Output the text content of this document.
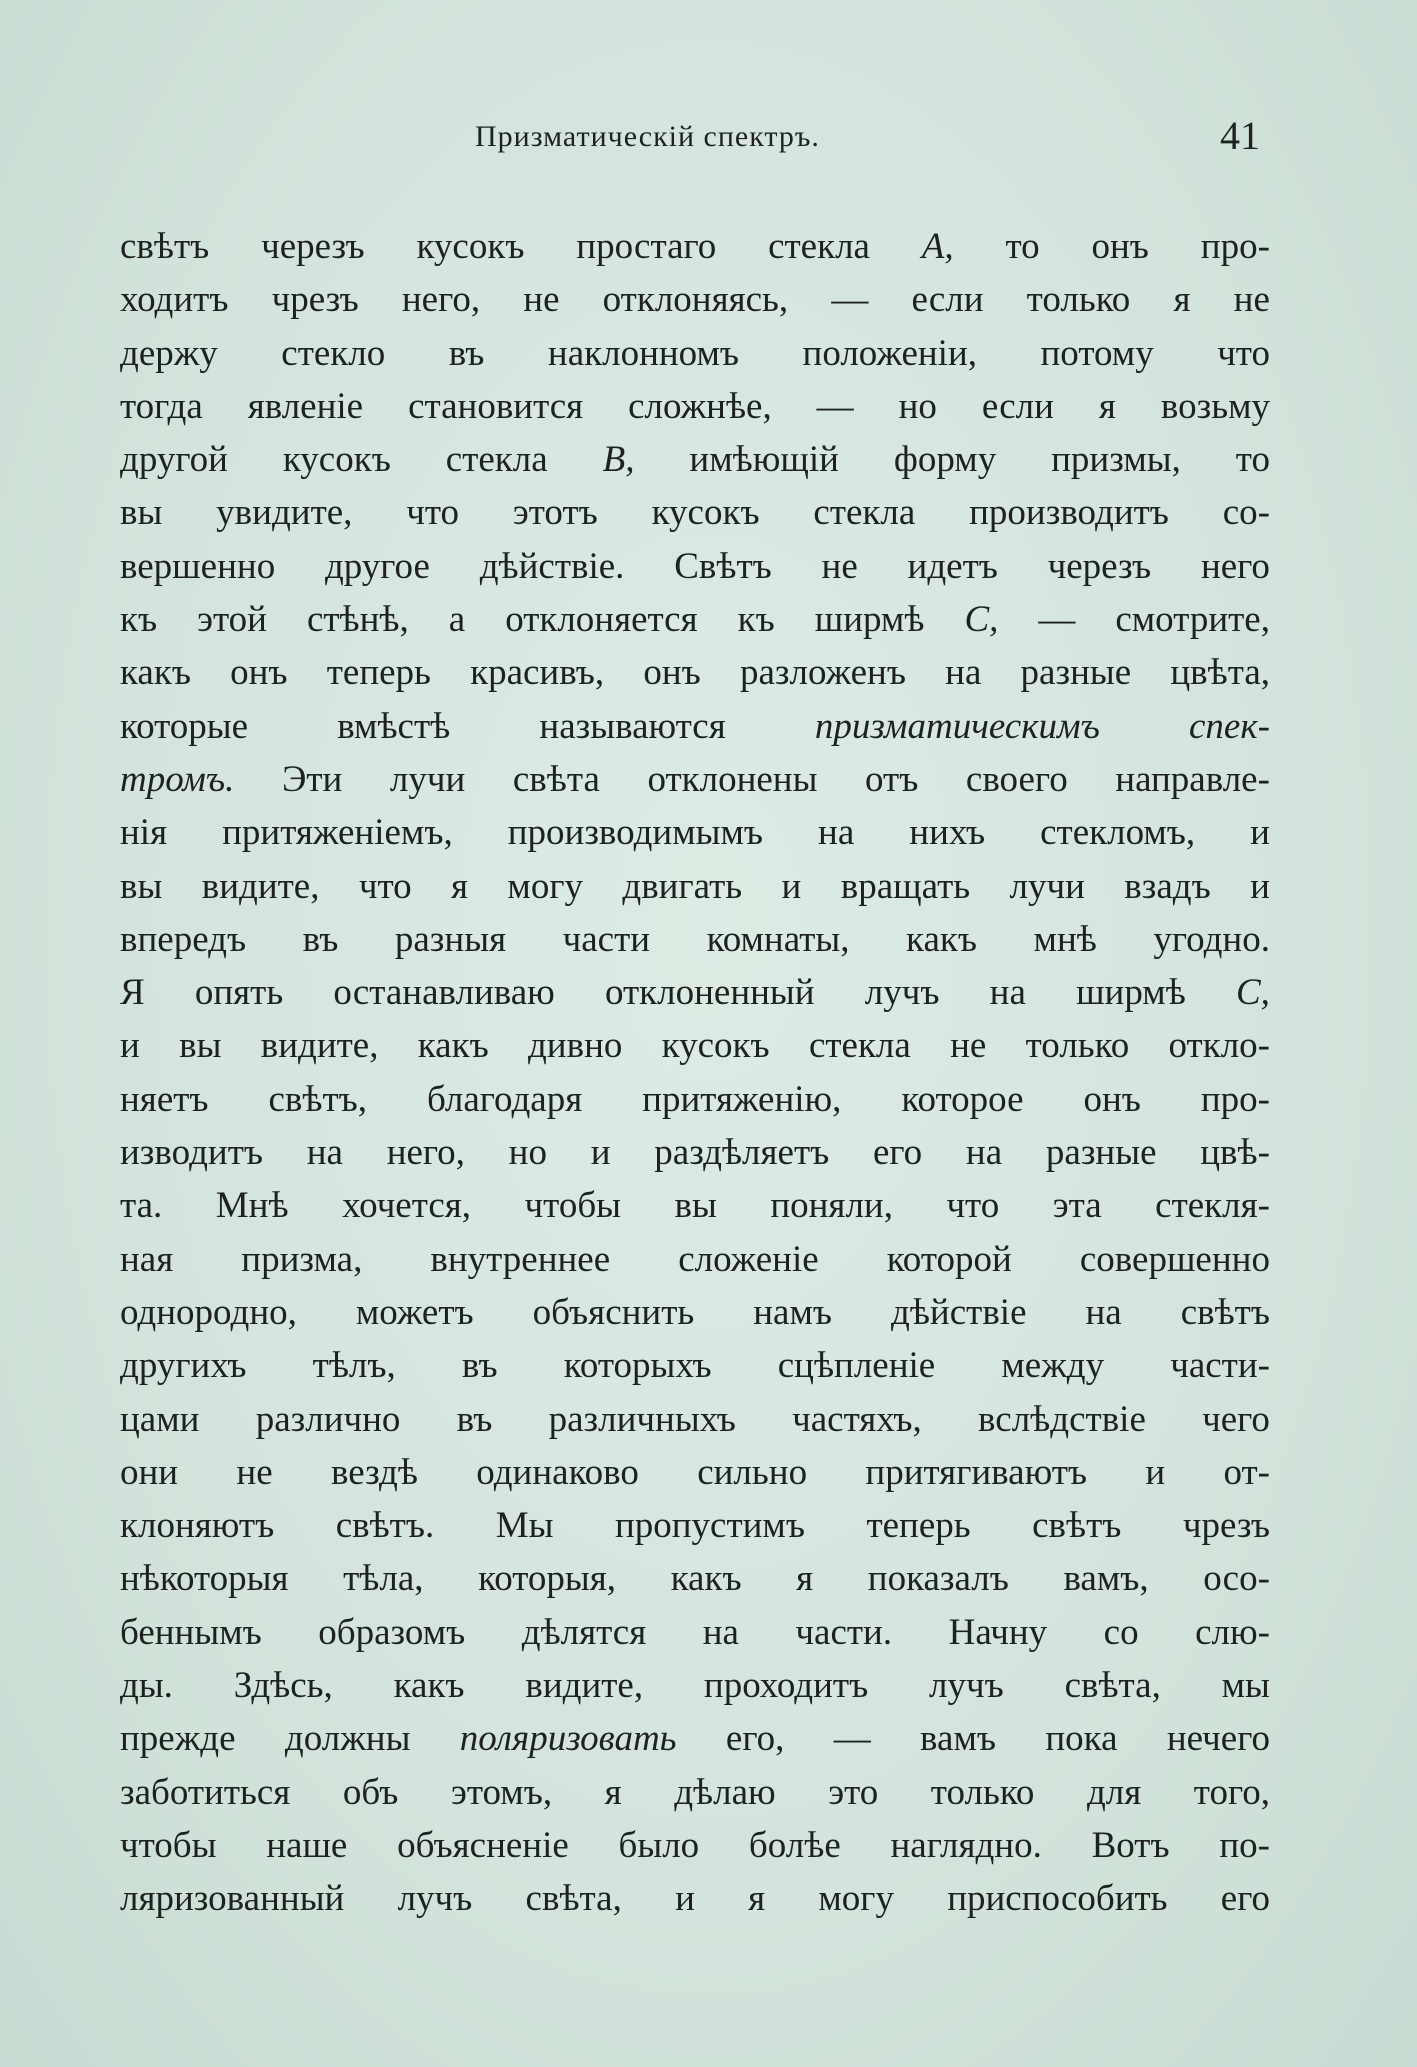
Призматическій спектръ.	41
свѣтъ черезъ кусокъ простаго стекла A, то онъ про-
ходитъ чрезъ него, не отклоняясь, — если только я не
держу стекло въ наклонномъ положеніи, потому что
тогда явленіе становится сложнѣе, — но если я возьму
другой кусокъ стекла B, имѣющій форму призмы, то
вы увидите, что этотъ кусокъ стекла производитъ со-
вершенно другое дѣйствіе. Свѣтъ не идетъ черезъ него
къ этой стѣнѣ, а отклоняется къ ширмѣ C, — смотрите,
какъ онъ теперь красивъ, онъ разложенъ на разные цвѣта,
которые вмѣстѣ называются призматическимъ спек-
тромъ. Эти лучи свѣта отклонены отъ своего направле-
нія притяженіемъ, производимымъ на нихъ стекломъ, и
вы видите, что я могу двигать и вращать лучи взадъ и
впередъ въ разныя части комнаты, какъ мнѣ угодно.
Я опять останавливаю отклоненный лучъ на ширмѣ C,
и вы видите, какъ дивно кусокъ стекла не только откло-
няетъ свѣтъ, благодаря притяженію, которое онъ про-
изводитъ на него, но и раздѣляетъ его на разные цвѣ-
та. Мнѣ хочется, чтобы вы поняли, что эта стекля-
ная призма, внутреннее сложеніе которой совершенно
однородно, можетъ объяснить намъ дѣйствіе на свѣтъ
другихъ тѣлъ, въ которыхъ сцѣпленіе между части-
цами различно въ различныхъ частяхъ, вслѣдствіе чего
они не вездѣ одинаково сильно притягиваютъ и от-
клоняютъ свѣтъ. Мы пропустимъ теперь свѣтъ чрезъ
нѣкоторыя тѣла, которыя, какъ я показалъ вамъ, осо-
беннымъ образомъ дѣлятся на части. Начну со слю-
ды. Здѣсь, какъ видите, проходитъ лучъ свѣта, мы
прежде должны поляризовать его, — вамъ пока нечего
заботиться объ этомъ, я дѣлаю это только для того,
чтобы наше объясненіе было болѣе наглядно. Вотъ по-
ляризованный лучъ свѣта, и я могу приспособить его
